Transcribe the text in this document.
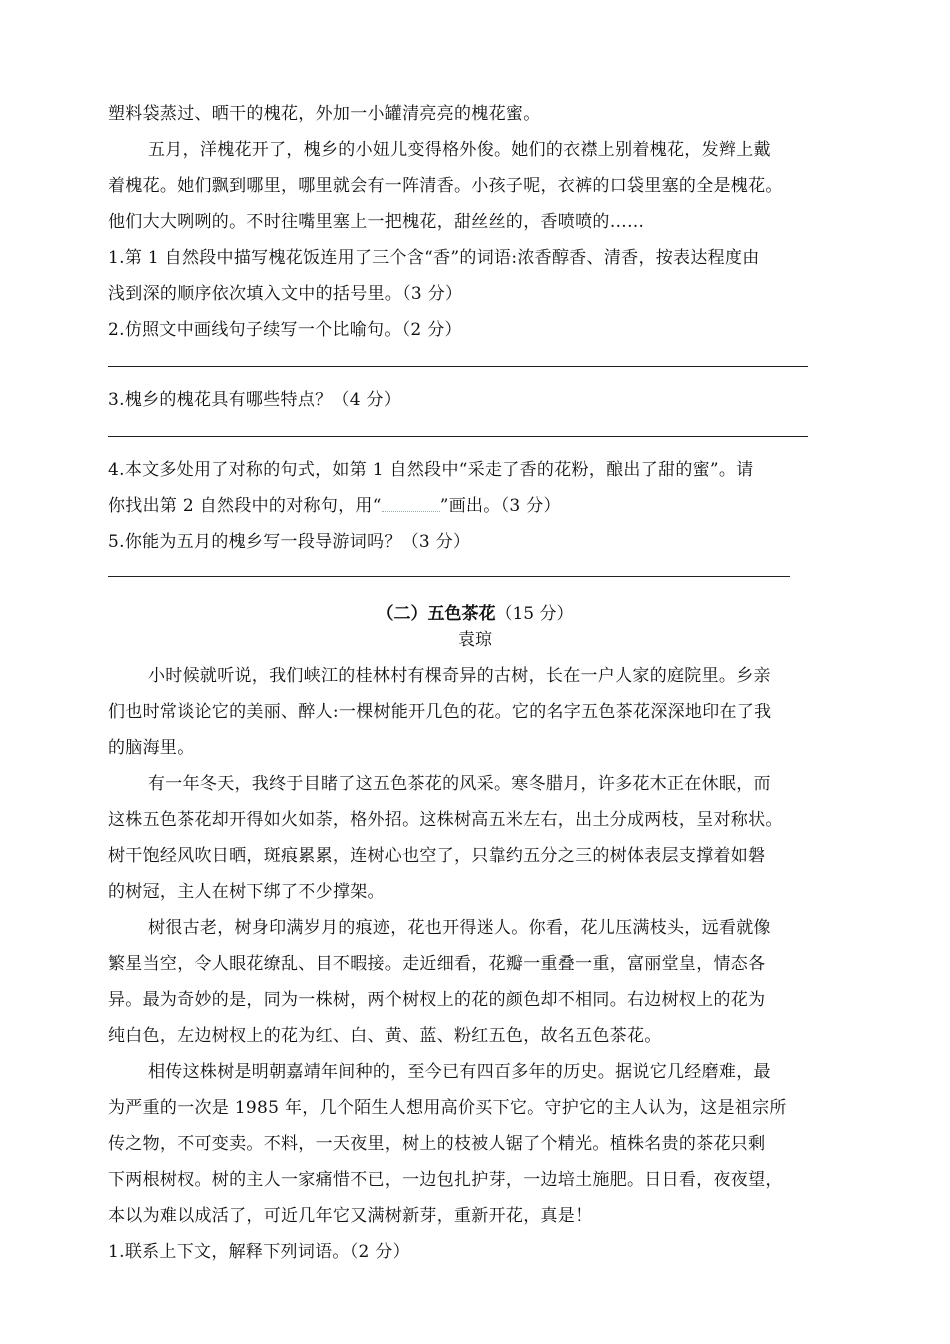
塑料袋蒸过、晒干的槐花，外加一小罐清亮亮的槐花蜜。
五月，洋槐花开了，槐乡的小妞儿变得格外俊。她们的衣襟上别着槐花，发辫上戴
着槐花。她们飘到哪里，哪里就会有一阵清香。小孩子呢，衣裤的口袋里塞的全是槐花。
他们大大咧咧的。不时往嘴里塞上一把槐花，甜丝丝的，香喷喷的……
1.第 1 自然段中描写槐花饭连用了三个含“香”的词语:浓香醇香、清香，按表达程度由
浅到深的顺序依次填入文中的括号里。（3 分）
2.仿照文中画线句子续写一个比喻句。（2 分）
3.槐乡的槐花具有哪些特点？（4 分）
4.本文多处用了对称的句式，如第 1 自然段中“采走了香的花粉，酿出了甜的蜜”。请
你找出第 2 自然段中的对称句，用“	”画出。（3 分）
5.你能为五月的槐乡写一段导游词吗？（3 分）
（二）五色茶花（15 分）
袁琼
小时候就听说，我们峡江的桂林村有棵奇异的古树，长在一户人家的庭院里。乡亲
们也时常谈论它的美丽、醉人:一棵树能开几色的花。它的名字五色茶花深深地印在了我
的脑海里。
有一年冬天，我终于目睹了这五色茶花的风采。寒冬腊月，许多花木正在休眠，而
这株五色茶花却开得如火如荼，格外招。这株树高五米左右，出土分成两枝，呈对称状。
树干饱经风吹日晒，斑痕累累，连树心也空了，只靠约五分之三的树体表层支撑着如磐
的树冠，主人在树下绑了不少撑架。
树很古老，树身印满岁月的痕迹，花也开得迷人。你看，花儿压满枝头，远看就像
繁星当空，令人眼花缭乱、目不暇接。走近细看，花瓣一重叠一重，富丽堂皇，情态各
异。最为奇妙的是，同为一株树，两个树杈上的花的颜色却不相同。右边树杈上的花为
纯白色，左边树杈上的花为红、白、黄、蓝、粉红五色，故名五色茶花。
相传这株树是明朝嘉靖年间种的，至今已有四百多年的历史。据说它几经磨难，最
为严重的一次是 1985 年，几个陌生人想用高价买下它。守护它的主人认为，这是祖宗所
传之物，不可变卖。不料，一天夜里，树上的枝被人锯了个精光。植株名贵的茶花只剩
下两根树杈。树的主人一家痛惜不已，一边包扎护芽，一边培土施肥。日日看，夜夜望，
本以为难以成活了，可近几年它又满树新芽，重新开花，真是！
1.联系上下文，解释下列词语。（2 分）
